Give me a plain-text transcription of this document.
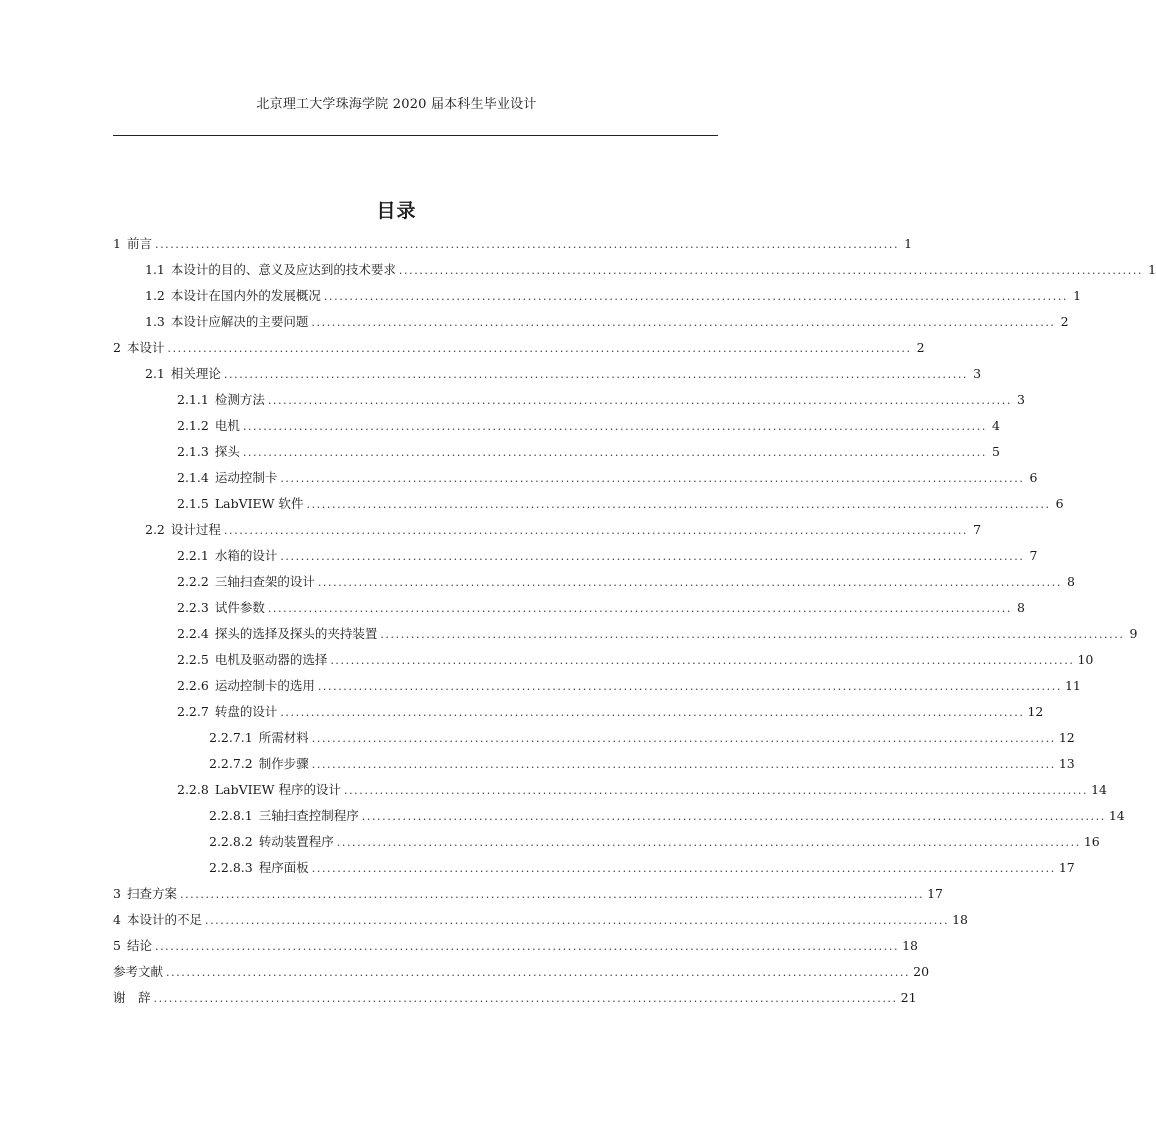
北京理工大学珠海学院 2020 届本科生毕业设计
目录
1 前言 .................................................................................................................................................. 1
1.1 本设计的目的、意义及应达到的技术要求 .................................................................................................................................................. 1
1.2 本设计在国内外的发展概况 .................................................................................................................................................. 1
1.3 本设计应解决的主要问题 .................................................................................................................................................. 2
2 本设计 .................................................................................................................................................. 2
2.1 相关理论 .................................................................................................................................................. 3
2.1.1 检测方法 .................................................................................................................................................. 3
2.1.2 电机 .................................................................................................................................................. 4
2.1.3 探头 .................................................................................................................................................. 5
2.1.4 运动控制卡 .................................................................................................................................................. 6
2.1.5 LabVIEW 软件 .................................................................................................................................................. 6
2.2 设计过程 .................................................................................................................................................. 7
2.2.1 水箱的设计 .................................................................................................................................................. 7
2.2.2 三轴扫查架的设计 .................................................................................................................................................. 8
2.2.3 试件参数 .................................................................................................................................................. 8
2.2.4 探头的选择及探头的夹持装置 .................................................................................................................................................. 9
2.2.5 电机及驱动器的选择 .................................................................................................................................................. 10
2.2.6 运动控制卡的选用 .................................................................................................................................................. 11
2.2.7 转盘的设计 .................................................................................................................................................. 12
2.2.7.1 所需材料 .................................................................................................................................................. 12
2.2.7.2 制作步骤 .................................................................................................................................................. 13
2.2.8 LabVIEW 程序的设计 .................................................................................................................................................. 14
2.2.8.1 三轴扫查控制程序 .................................................................................................................................................. 14
2.2.8.2 转动装置程序 .................................................................................................................................................. 16
2.2.8.3 程序面板 .................................................................................................................................................. 17
3 扫查方案 .................................................................................................................................................. 17
4 本设计的不足 .................................................................................................................................................. 18
5 结论 .................................................................................................................................................. 18
参考文献 .................................................................................................................................................. 20
谢　辞 .................................................................................................................................................. 21
